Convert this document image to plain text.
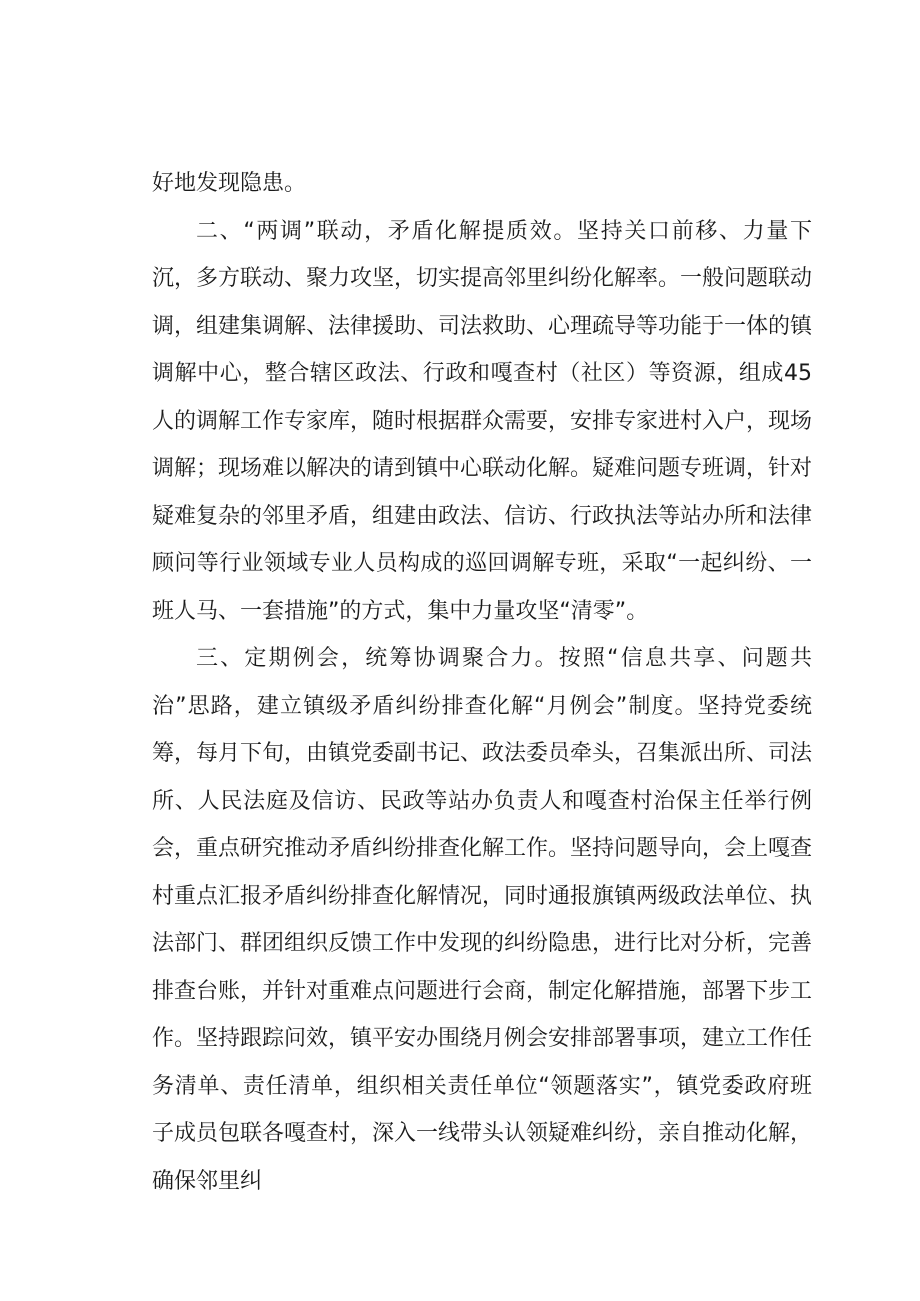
好地发现隐患。

二、“两调”联动，矛盾化解提质效。坚持关口前移、力量下沉，多方联动、聚力攻坚，切实提高邻里纠纷化解率。一般问题联动调，组建集调解、法律援助、司法救助、心理疏导等功能于一体的镇调解中心，整合辖区政法、行政和嘎查村（社区）等资源，组成45人的调解工作专家库，随时根据群众需要，安排专家进村入户，现场调解；现场难以解决的请到镇中心联动化解。疑难问题专班调，针对疑难复杂的邻里矛盾，组建由政法、信访、行政执法等站办所和法律顾问等行业领域专业人员构成的巡回调解专班，采取“一起纠纷、一班人马、一套措施”的方式，集中力量攻坚“清零”。

三、定期例会，统筹协调聚合力。按照“信息共享、问题共治”思路，建立镇级矛盾纠纷排查化解“月例会”制度。坚持党委统筹，每月下旬，由镇党委副书记、政法委员牵头，召集派出所、司法所、人民法庭及信访、民政等站办负责人和嘎查村治保主任举行例会，重点研究推动矛盾纠纷排查化解工作。坚持问题导向，会上嘎查村重点汇报矛盾纠纷排查化解情况，同时通报旗镇两级政法单位、执法部门、群团组织反馈工作中发现的纠纷隐患，进行比对分析，完善排查台账，并针对重难点问题进行会商，制定化解措施，部署下步工作。坚持跟踪问效，镇平安办围绕月例会安排部署事项，建立工作任务清单、责任清单，组织相关责任单位“领题落实”，镇党委政府班子成员包联各嘎查村，深入一线带头认领疑难纠纷，亲自推动化解，确保邻里纠
